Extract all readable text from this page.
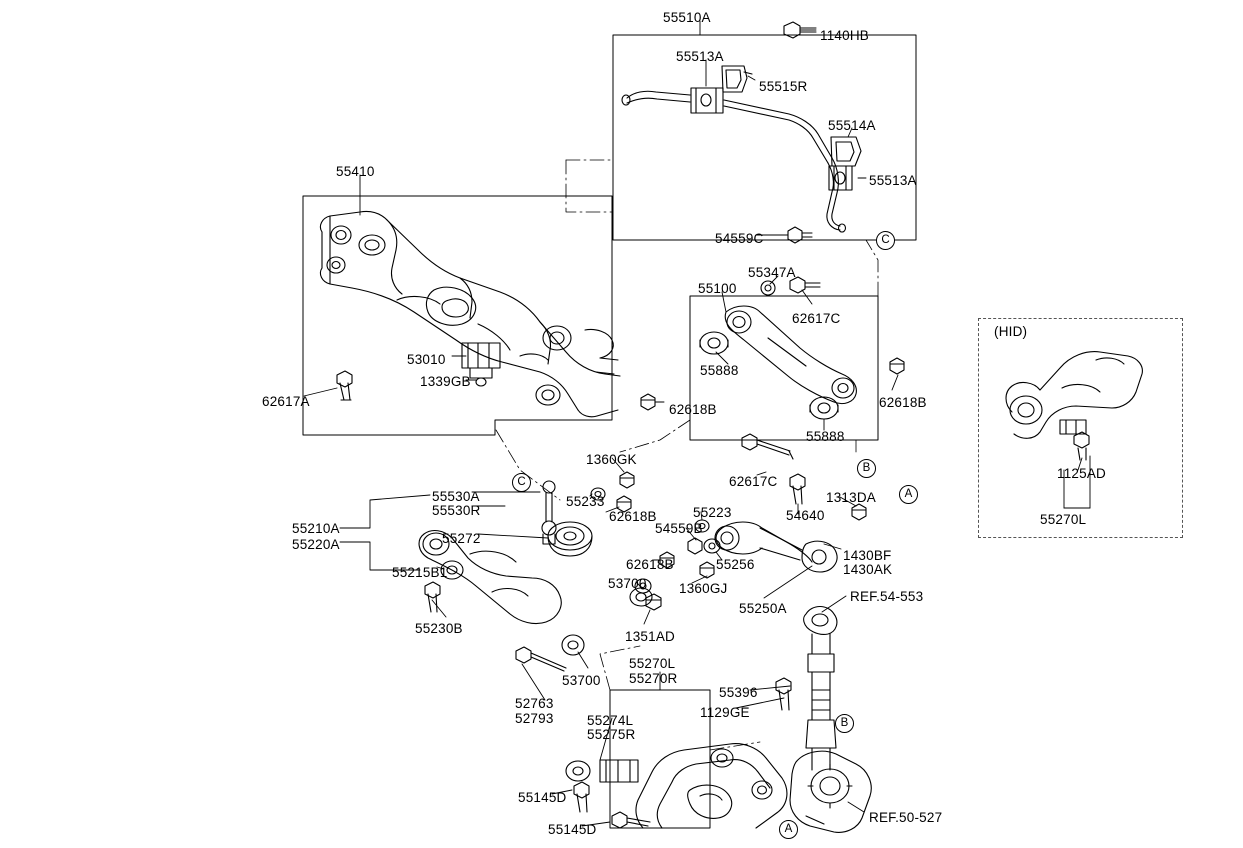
55510A
1140HB
55513A
55515R
55514A
55513A
54559C
55410
53010
1339GB
62617A
62618B
55100
55347A
62617C
55888
62618B
55888
62617C
1360GK
55233
62618B	55223
54559B
54640
1313DA
1430BF
1430AK
55256
62618B
1360GJ
55250A
55530A
55530R
55210A
55220A	55272
55215B1
55230B
53700
1351AD
53700
52763
52793
55270L
55270R
55274L
55275R
55145D
55145D
55396
1129GE
REF.54-553
REF.50-527
1125AD
55270L
(HID)
C
C
B
A
B
A
